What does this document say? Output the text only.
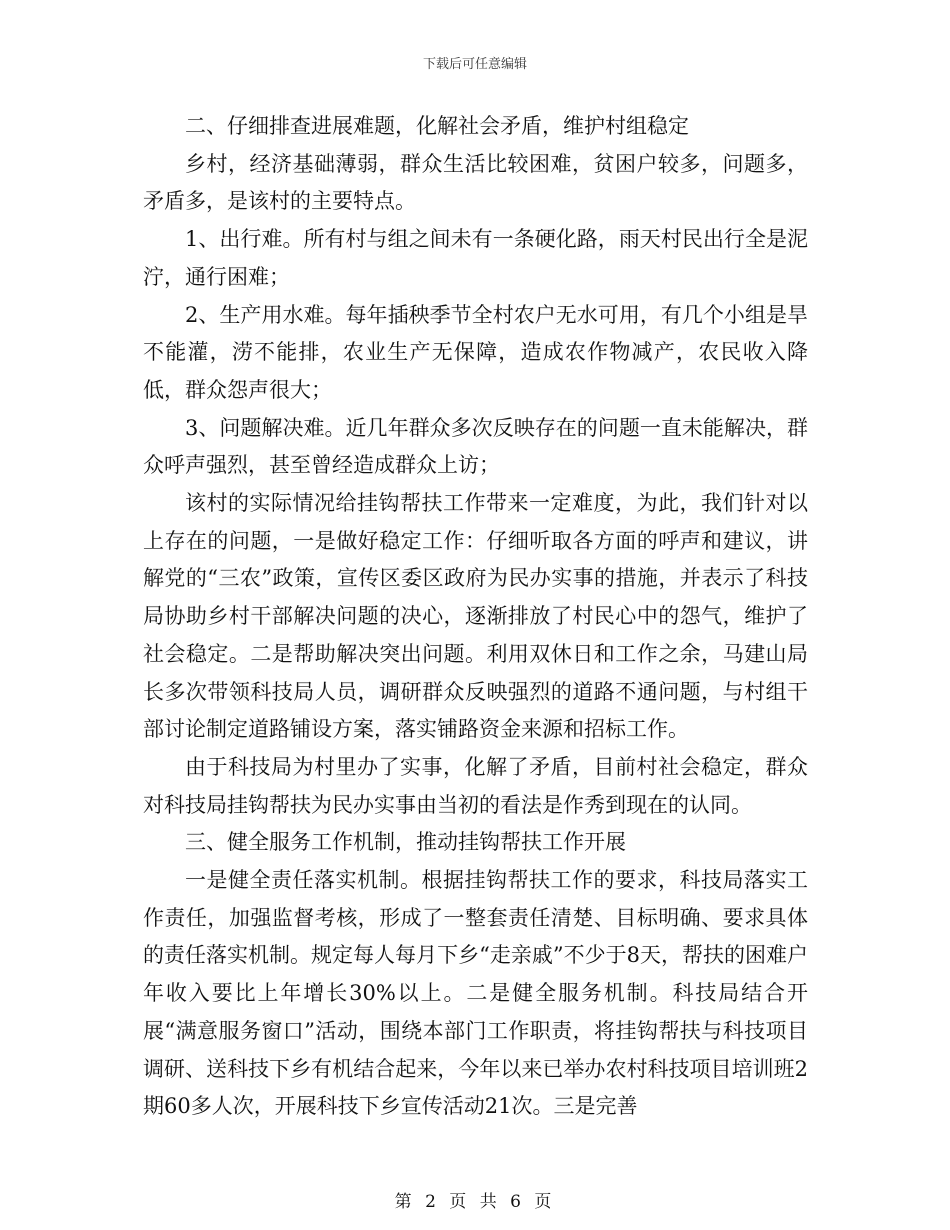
下载后可任意编辑

二、仔细排查进展难题，化解社会矛盾，维护村组稳定

乡村，经济基础薄弱，群众生活比较困难，贫困户较多，问题多，矛盾多，是该村的主要特点。

1、出行难。所有村与组之间未有一条硬化路，雨天村民出行全是泥泞，通行困难；

2、生产用水难。每年插秧季节全村农户无水可用，有几个小组是旱不能灌，涝不能排，农业生产无保障，造成农作物减产，农民收入降低，群众怨声很大；

3、问题解决难。近几年群众多次反映存在的问题一直未能解决，群众呼声强烈，甚至曾经造成群众上访；

该村的实际情况给挂钩帮扶工作带来一定难度，为此，我们针对以上存在的问题，一是做好稳定工作：仔细听取各方面的呼声和建议，讲解党的“三农”政策，宣传区委区政府为民办实事的措施，并表示了科技局协助乡村干部解决问题的决心，逐渐排放了村民心中的怨气，维护了社会稳定。二是帮助解决突出问题。利用双休日和工作之余，马建山局长多次带领科技局人员，调研群众反映强烈的道路不通问题，与村组干部讨论制定道路铺设方案，落实铺路资金来源和招标工作。

由于科技局为村里办了实事，化解了矛盾，目前村社会稳定，群众对科技局挂钩帮扶为民办实事由当初的看法是作秀到现在的认同。

三、健全服务工作机制，推动挂钩帮扶工作开展

一是健全责任落实机制。根据挂钩帮扶工作的要求，科技局落实工作责任，加强监督考核，形成了一整套责任清楚、目标明确、要求具体的责任落实机制。规定每人每月下乡“走亲戚”不少于8天，帮扶的困难户年收入要比上年增长30%以上。二是健全服务机制。科技局结合开展“满意服务窗口”活动，围绕本部门工作职责，将挂钩帮扶与科技项目调研、送科技下乡有机结合起来，今年以来已举办农村科技项目培训班2期60多人次，开展科技下乡宣传活动21次。三是完善

第 2 页 共 6 页
